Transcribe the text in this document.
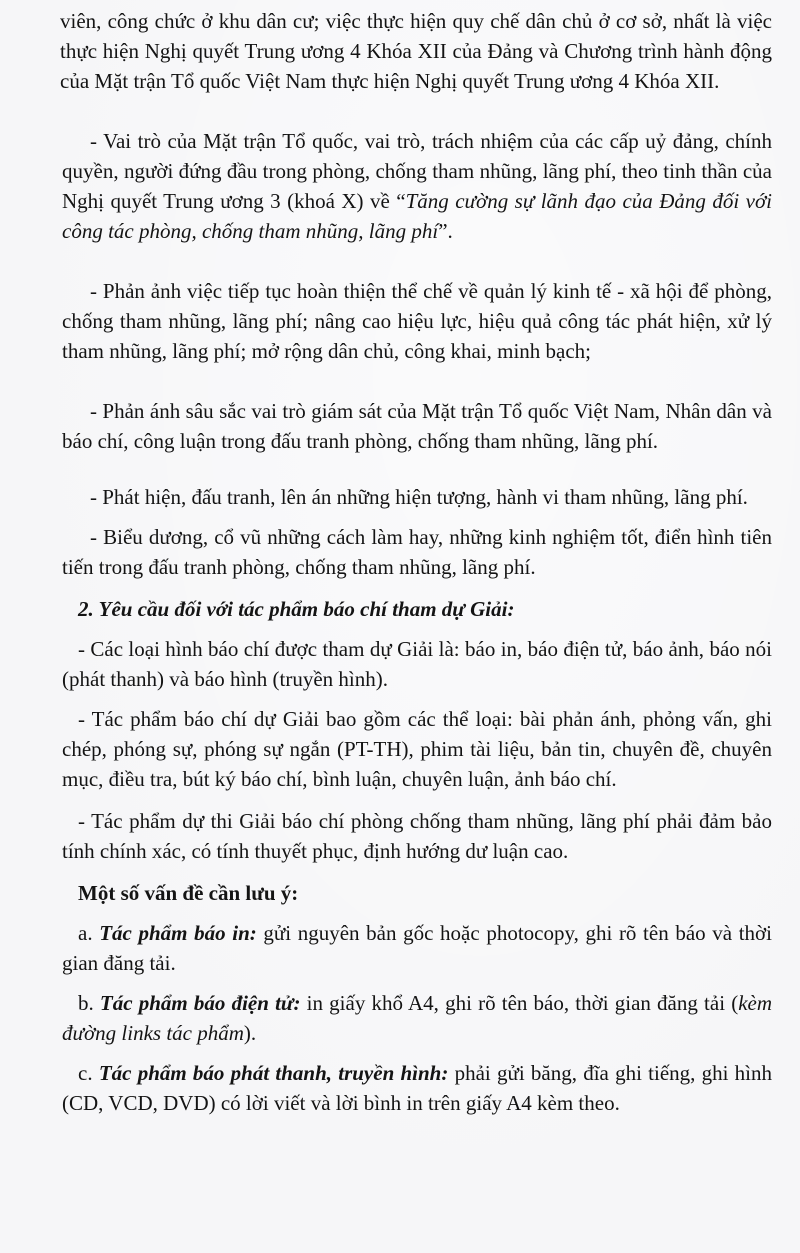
viên, công chức ở khu dân cư; việc thực hiện quy chế dân chủ ở cơ sở, nhất là việc thực hiện Nghị quyết Trung ương 4 Khóa XII của Đảng và Chương trình hành động của Mặt trận Tổ quốc Việt Nam thực hiện Nghị quyết Trung ương 4 Khóa XII.

- Vai trò của Mặt trận Tổ quốc, vai trò, trách nhiệm của các cấp uỷ đảng, chính quyền, người đứng đầu trong phòng, chống tham nhũng, lãng phí, theo tinh thần của Nghị quyết Trung ương 3 (khoá X) về “Tăng cường sự lãnh đạo của Đảng đối với công tác phòng, chống tham nhũng, lãng phí”.

- Phản ảnh việc tiếp tục hoàn thiện thể chế về quản lý kinh tế - xã hội để phòng, chống tham nhũng, lãng phí; nâng cao hiệu lực, hiệu quả công tác phát hiện, xử lý tham nhũng, lãng phí; mở rộng dân chủ, công khai, minh bạch;

- Phản ánh sâu sắc vai trò giám sát của Mặt trận Tổ quốc Việt Nam, Nhân dân và báo chí, công luận trong đấu tranh phòng, chống tham nhũng, lãng phí.

- Phát hiện, đấu tranh, lên án những hiện tượng, hành vi tham nhũng, lãng phí.

- Biểu dương, cổ vũ những cách làm hay, những kinh nghiệm tốt, điển hình tiên tiến trong đấu tranh phòng, chống tham nhũng, lãng phí.

2. Yêu cầu đối với tác phẩm báo chí tham dự Giải:

- Các loại hình báo chí được tham dự Giải là: báo in, báo điện tử, báo ảnh, báo nói (phát thanh) và báo hình (truyền hình).

- Tác phẩm báo chí dự Giải bao gồm các thể loại: bài phản ánh, phỏng vấn, ghi chép, phóng sự, phóng sự ngắn (PT-TH), phim tài liệu, bản tin, chuyên đề, chuyên mục, điều tra, bút ký báo chí, bình luận, chuyên luận, ảnh báo chí.

- Tác phẩm dự thi Giải báo chí phòng chống tham nhũng, lãng phí phải đảm bảo tính chính xác, có tính thuyết phục, định hướng dư luận cao.

Một số vấn đề cần lưu ý:

a. Tác phẩm báo in: gửi nguyên bản gốc hoặc photocopy, ghi rõ tên báo và thời gian đăng tải.

b. Tác phẩm báo điện tử: in giấy khổ A4, ghi rõ tên báo, thời gian đăng tải (kèm đường links tác phẩm).

c. Tác phẩm báo phát thanh, truyền hình: phải gửi băng, đĩa ghi tiếng, ghi hình (CD, VCD, DVD) có lời viết và lời bình in trên giấy A4 kèm theo.
